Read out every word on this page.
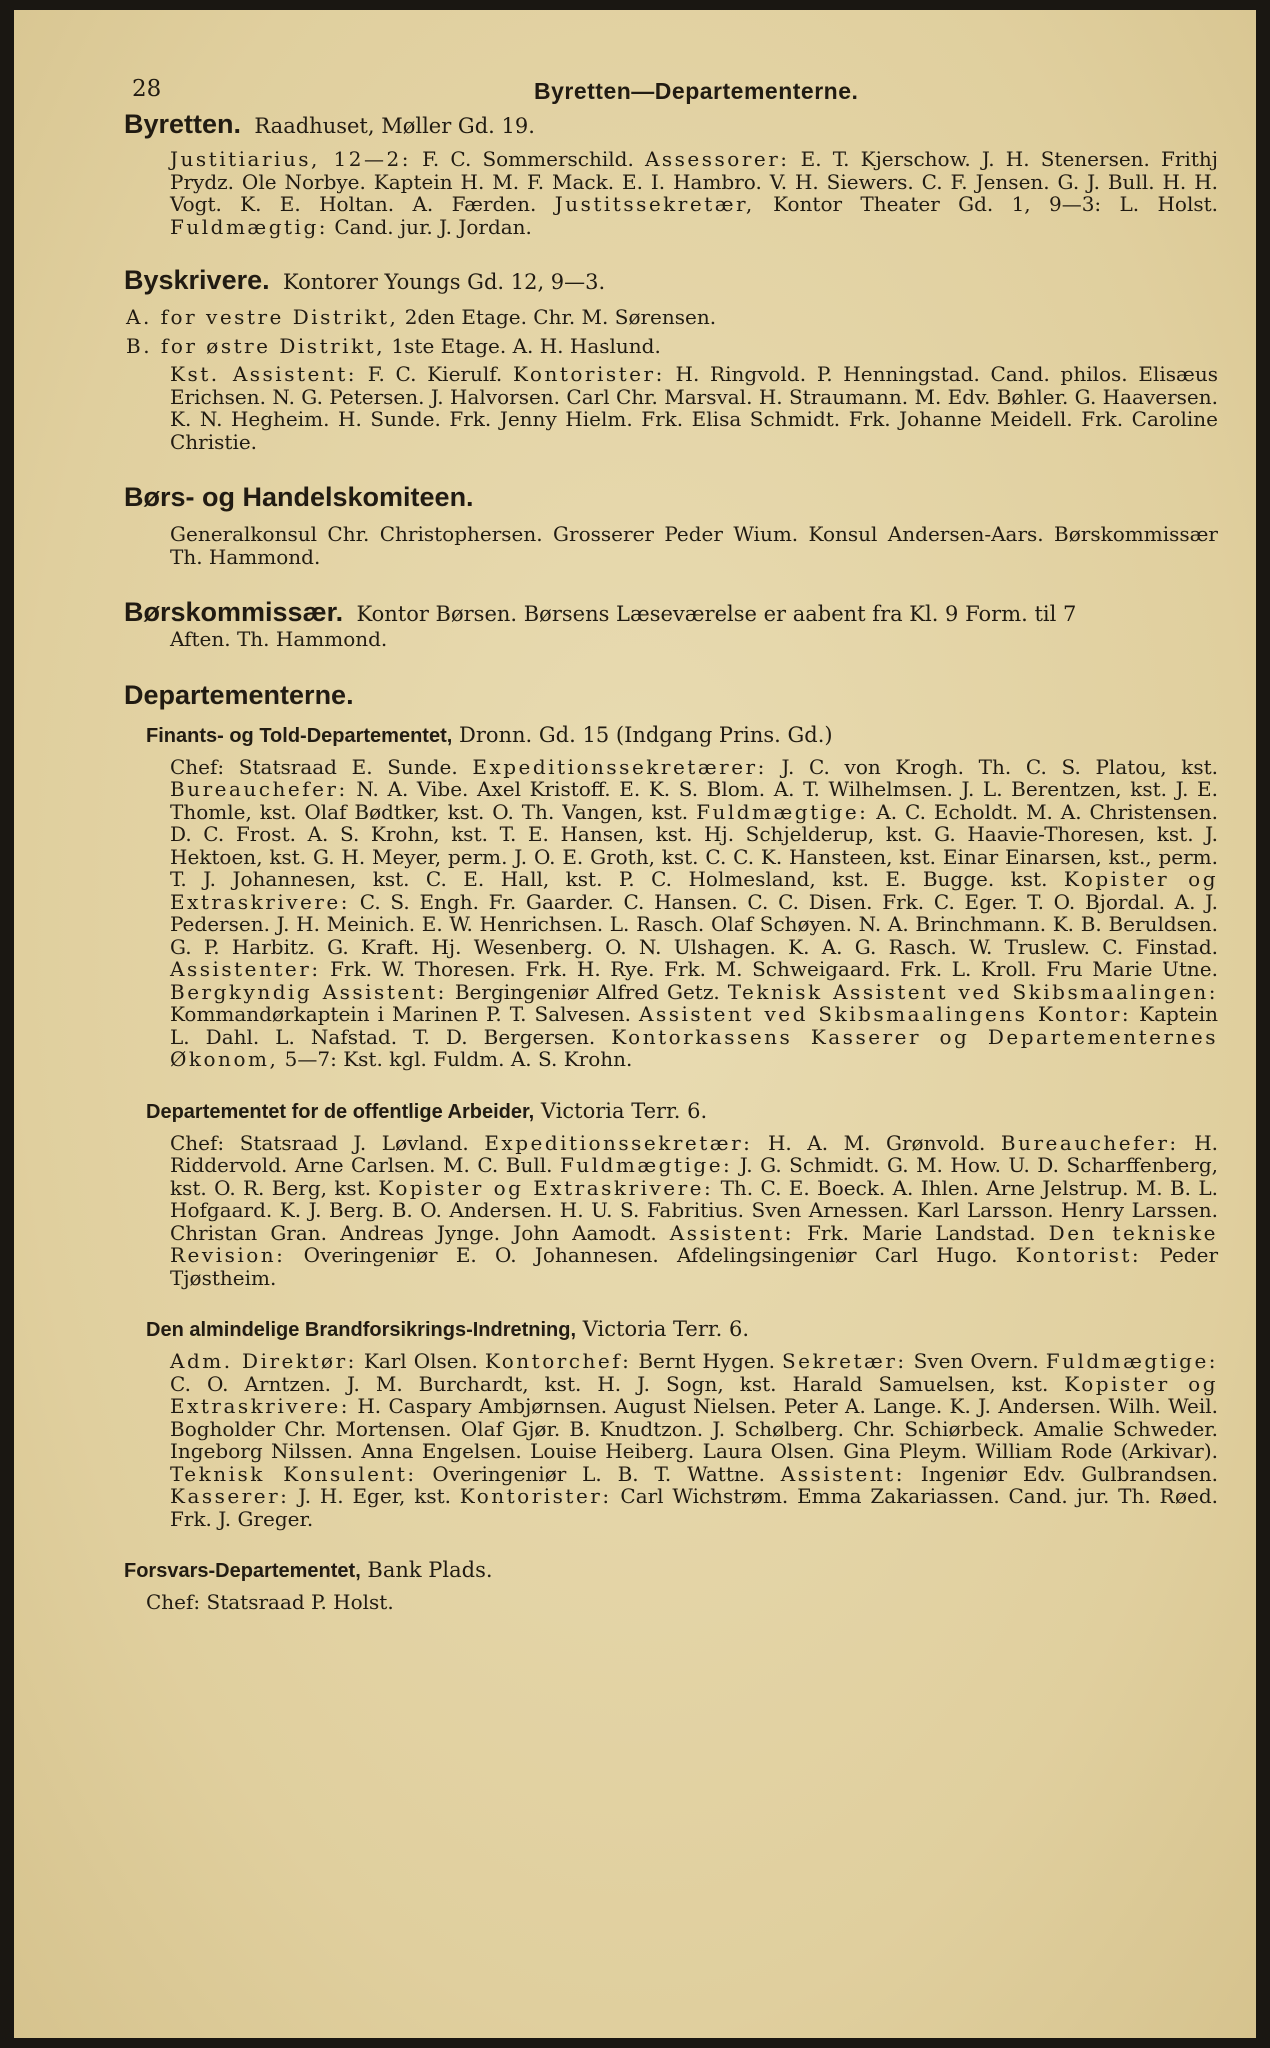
28	Byretten—Departementerne.
Byretten. Raadhuset, Møller Gd. 19.
Justitiarius, 12—2: F. C. Sommerschild. Assessorer: E. T. Kjerschow. J. H. Stenersen. Frithj Prydz. Ole Norbye. Kaptein H. M. F. Mack. E. I. Hambro. V. H. Siewers. C. F. Jensen. G. J. Bull. H. H. Vogt. K. E. Holtan. A. Færden. Justitssekretær, Kontor Theater Gd. 1, 9—3: L. Holst. Fuldmægtig: Cand. jur. J. Jordan.
Byskrivere. Kontorer Youngs Gd. 12, 9—3.
A. for vestre Distrikt, 2den Etage. Chr. M. Sørensen.
B. for østre Distrikt, 1ste Etage. A. H. Haslund.
Kst. Assistent: F. C. Kierulf. Kontorister: H. Ringvold. P. Henningstad. Cand. philos. Elisæus Erichsen. N. G. Petersen. J. Halvorsen. Carl Chr. Marsval. H. Straumann. M. Edv. Bøhler. G. Haaversen. K. N. Hegheim. H. Sunde. Frk. Jenny Hielm. Frk. Elisa Schmidt. Frk. Johanne Meidell. Frk. Caroline Christie.
Børs- og Handelskomiteen.
Generalkonsul Chr. Christophersen. Grosserer Peder Wium. Konsul Andersen-Aars. Børskommissær Th. Hammond.
Børskommissær. Kontor Børsen. Børsens Læseværelse er aabent fra Kl. 9 Form. til 7
Aften. Th. Hammond.
Departementerne.
Finants- og Told-Departementet, Dronn. Gd. 15 (Indgang Prins. Gd.)
Chef: Statsraad E. Sunde. Expeditionssekretærer: J. C. von Krogh. Th. C. S. Platou, kst. Bureauchefer: N. A. Vibe. Axel Kristoff. E. K. S. Blom. A. T. Wilhelmsen. J. L. Berentzen, kst. J. E. Thomle, kst. Olaf Bødtker, kst. O. Th. Vangen, kst. Fuldmægtige: A. C. Echoldt. M. A. Christensen. D. C. Frost. A. S. Krohn, kst. T. E. Hansen, kst. Hj. Schjelderup, kst. G. Haavie-Thoresen, kst. J. Hektoen, kst. G. H. Meyer, perm. J. O. E. Groth, kst. C. C. K. Hansteen, kst. Einar Einarsen, kst., perm. T. J. Johannesen, kst. C. E. Hall, kst. P. C. Holmesland, kst. E. Bugge. kst. Kopister og Extraskrivere: C. S. Engh. Fr. Gaarder. C. Hansen. C. C. Disen. Frk. C. Eger. T. O. Bjordal. A. J. Pedersen. J. H. Meinich. E. W. Henrichsen. L. Rasch. Olaf Schøyen. N. A. Brinchmann. K. B. Beruldsen. G. P. Harbitz. G. Kraft. Hj. Wesenberg. O. N. Ulshagen. K. A. G. Rasch. W. Truslew. C. Finstad. Assistenter: Frk. W. Thoresen. Frk. H. Rye. Frk. M. Schweigaard. Frk. L. Kroll. Fru Marie Utne. Bergkyndig Assistent: Bergingeniør Alfred Getz. Teknisk Assistent ved Skibsmaalingen: Kommandørkaptein i Marinen P. T. Salvesen. Assistent ved Skibsmaalingens Kontor: Kaptein L. Dahl. L. Nafstad. T. D. Bergersen. Kontorkassens Kasserer og Departementernes Økonom, 5—7: Kst. kgl. Fuldm. A. S. Krohn.
Departementet for de offentlige Arbeider, Victoria Terr. 6.
Chef: Statsraad J. Løvland. Expeditionssekretær: H. A. M. Grønvold. Bureauchefer: H. Riddervold. Arne Carlsen. M. C. Bull. Fuldmægtige: J. G. Schmidt. G. M. How. U. D. Scharffenberg, kst. O. R. Berg, kst. Kopister og Extraskrivere: Th. C. E. Boeck. A. Ihlen. Arne Jelstrup. M. B. L. Hofgaard. K. J. Berg. B. O. Andersen. H. U. S. Fabritius. Sven Arnessen. Karl Larsson. Henry Larssen. Christan Gran. Andreas Jynge. John Aamodt. Assistent: Frk. Marie Landstad. Den tekniske Revision: Overingeniør E. O. Johannesen. Afdelingsingeniør Carl Hugo. Kontorist: Peder Tjøstheim.
Den almindelige Brandforsikrings-Indretning, Victoria Terr. 6.
Adm. Direktør: Karl Olsen. Kontorchef: Bernt Hygen. Sekretær: Sven Overn. Fuldmægtige: C. O. Arntzen. J. M. Burchardt, kst. H. J. Sogn, kst. Harald Samuelsen, kst. Kopister og Extraskrivere: H. Caspary Ambjørnsen. August Nielsen. Peter A. Lange. K. J. Andersen. Wilh. Weil. Bogholder Chr. Mortensen. Olaf Gjør. B. Knudtzon. J. Schølberg. Chr. Schiørbeck. Amalie Schweder. Ingeborg Nilssen. Anna Engelsen. Louise Heiberg. Laura Olsen. Gina Pleym. William Rode (Arkivar). Teknisk Konsulent: Overingeniør L. B. T. Wattne. Assistent: Ingeniør Edv. Gulbrandsen. Kasserer: J. H. Eger, kst. Kontorister: Carl Wichstrøm. Emma Zakariassen. Cand. jur. Th. Røed. Frk. J. Greger.
Forsvars-Departementet, Bank Plads.
Chef: Statsraad P. Holst.
